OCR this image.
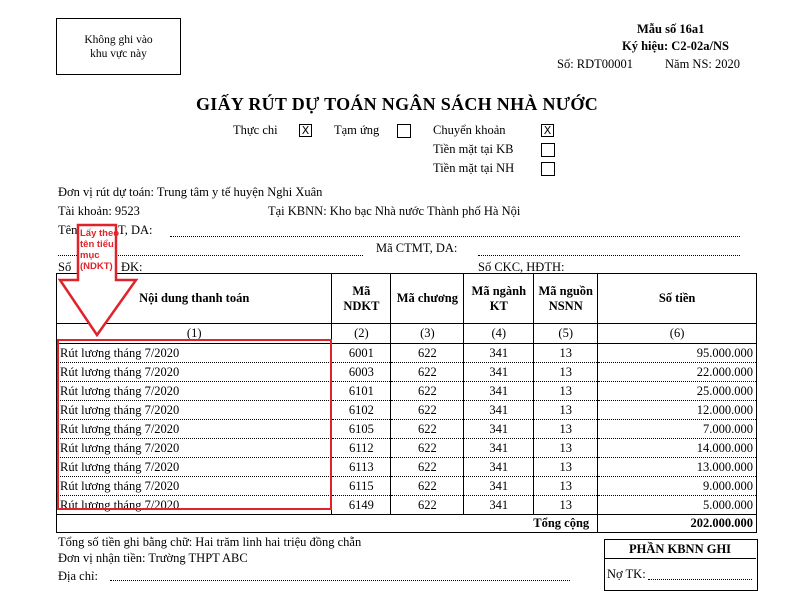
Không ghi vào
khu vực này
Mẫu số 16a1
Ký hiệu: C2-02a/NS
Số: RDT00001	Năm NS: 2020
GIẤY RÚT DỰ TOÁN NGÂN SÁCH NHÀ NƯỚC
Thực chi X Tạm ứng	Chuyển khoản	X
Tiền mặt tại KB
Tiền mặt tại NH
Đơn vị rút dự toán: Trung tâm y tế huyện Nghi Xuân
Tài khoản: 9523	Tại KBNN: Kho bạc Nhà nước Thành phố Hà Nội
Tên	T, DA:
Mã CTMT, DA:
Số	ĐK:	Số CKC, HĐTH:
Nội dung thanh toán	Mã NDKT	Mã chương	Mã ngành KT	Mã nguồn NSNN	Số tiền
(1)	(2)	(3)	(4)	(5)	(6)
Rút lương tháng 7/2020	6001	622	341	13	95.000.000
Rút lương tháng 7/2020	6003	622	341	13	22.000.000
Rút lương tháng 7/2020	6101	622	341	13	25.000.000
Rút lương tháng 7/2020	6102	622	341	13	12.000.000
Rút lương tháng 7/2020	6105	622	341	13	7.000.000
Rút lương tháng 7/2020	6112	622	341	13	14.000.000
Rút lương tháng 7/2020	6113	622	341	13	13.000.000
Rút lương tháng 7/2020	6115	622	341	13	9.000.000
Rút lương tháng 7/2020	6149	622	341	13	5.000.000
Tổng cộng					202.000.000
Lấy theo tên tiểu mục (NDKT)
Tổng số tiền ghi bằng chữ: Hai trăm linh hai triệu đồng chẵn
Đơn vị nhận tiền: Trường THPT ABC
Địa chỉ:
PHẦN KBNN GHI
Nợ TK:
